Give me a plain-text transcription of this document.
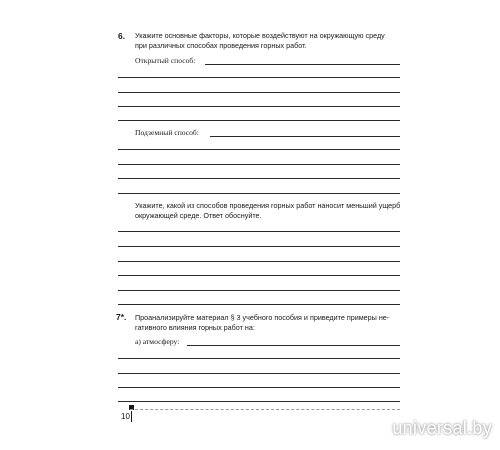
6. Укажите основные факторы, которые воздействуют на окружающую среду
при различных способах проведения горных работ.
Открытый способ:
Подземный способ:
Укажите, какой из способов проведения горных работ наносит меньший ущерб
окружающей среде. Ответ обоснуйте.
7*. Проанализируйте материал § 3 учебного пособия и приведите примеры не-
гативного влияния горных работ на:
а) атмосферу:
10
universal.by
